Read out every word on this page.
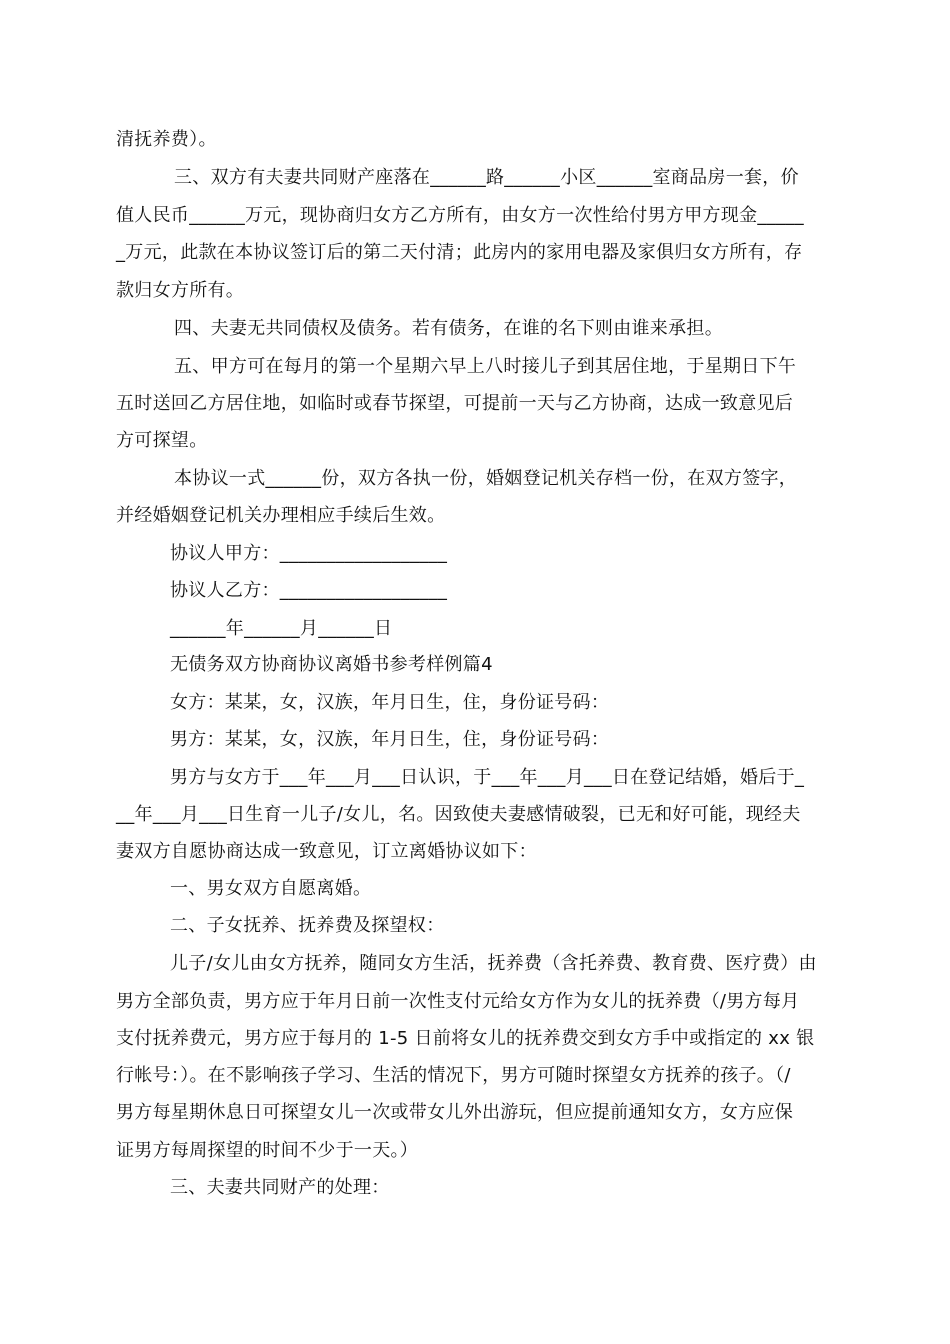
清抚养费）。
三、双方有夫妻共同财产座落在______路______小区______室商品房一套，价
值人民币______万元，现协商归女方乙方所有，由女方一次性给付男方甲方现金_____
_万元，此款在本协议签订后的第二天付清；此房内的家用电器及家俱归女方所有，存
款归女方所有。
四、夫妻无共同债权及债务。若有债务，在谁的名下则由谁来承担。
五、甲方可在每月的第一个星期六早上八时接儿子到其居住地，于星期日下午
五时送回乙方居住地，如临时或春节探望，可提前一天与乙方协商，达成一致意见后
方可探望。
本协议一式______份，双方各执一份，婚姻登记机关存档一份，在双方签字，
并经婚姻登记机关办理相应手续后生效。
协议人甲方：__________________
协议人乙方：__________________
______年______月______日
无债务双方协商协议离婚书参考样例篇4
女方：某某，女，汉族，年月日生，住，身份证号码：
男方：某某，女，汉族，年月日生，住，身份证号码：
男方与女方于___年___月___日认识，于___年___月___日在登记结婚，婚后于_
__年___月___日生育一儿子/女儿，名。因致使夫妻感情破裂，已无和好可能，现经夫
妻双方自愿协商达成一致意见，订立离婚协议如下：
一、男女双方自愿离婚。
二、子女抚养、抚养费及探望权：
儿子/女儿由女方抚养，随同女方生活，抚养费（含托养费、教育费、医疗费）由
男方全部负责，男方应于年月日前一次性支付元给女方作为女儿的抚养费（/男方每月
支付抚养费元，男方应于每月的 1-5 日前将女儿的抚养费交到女方手中或指定的 xx 银
行帐号：）。在不影响孩子学习、生活的情况下，男方可随时探望女方抚养的孩子。（/
男方每星期休息日可探望女儿一次或带女儿外出游玩，但应提前通知女方，女方应保
证男方每周探望的时间不少于一天。）
三、夫妻共同财产的处理：
